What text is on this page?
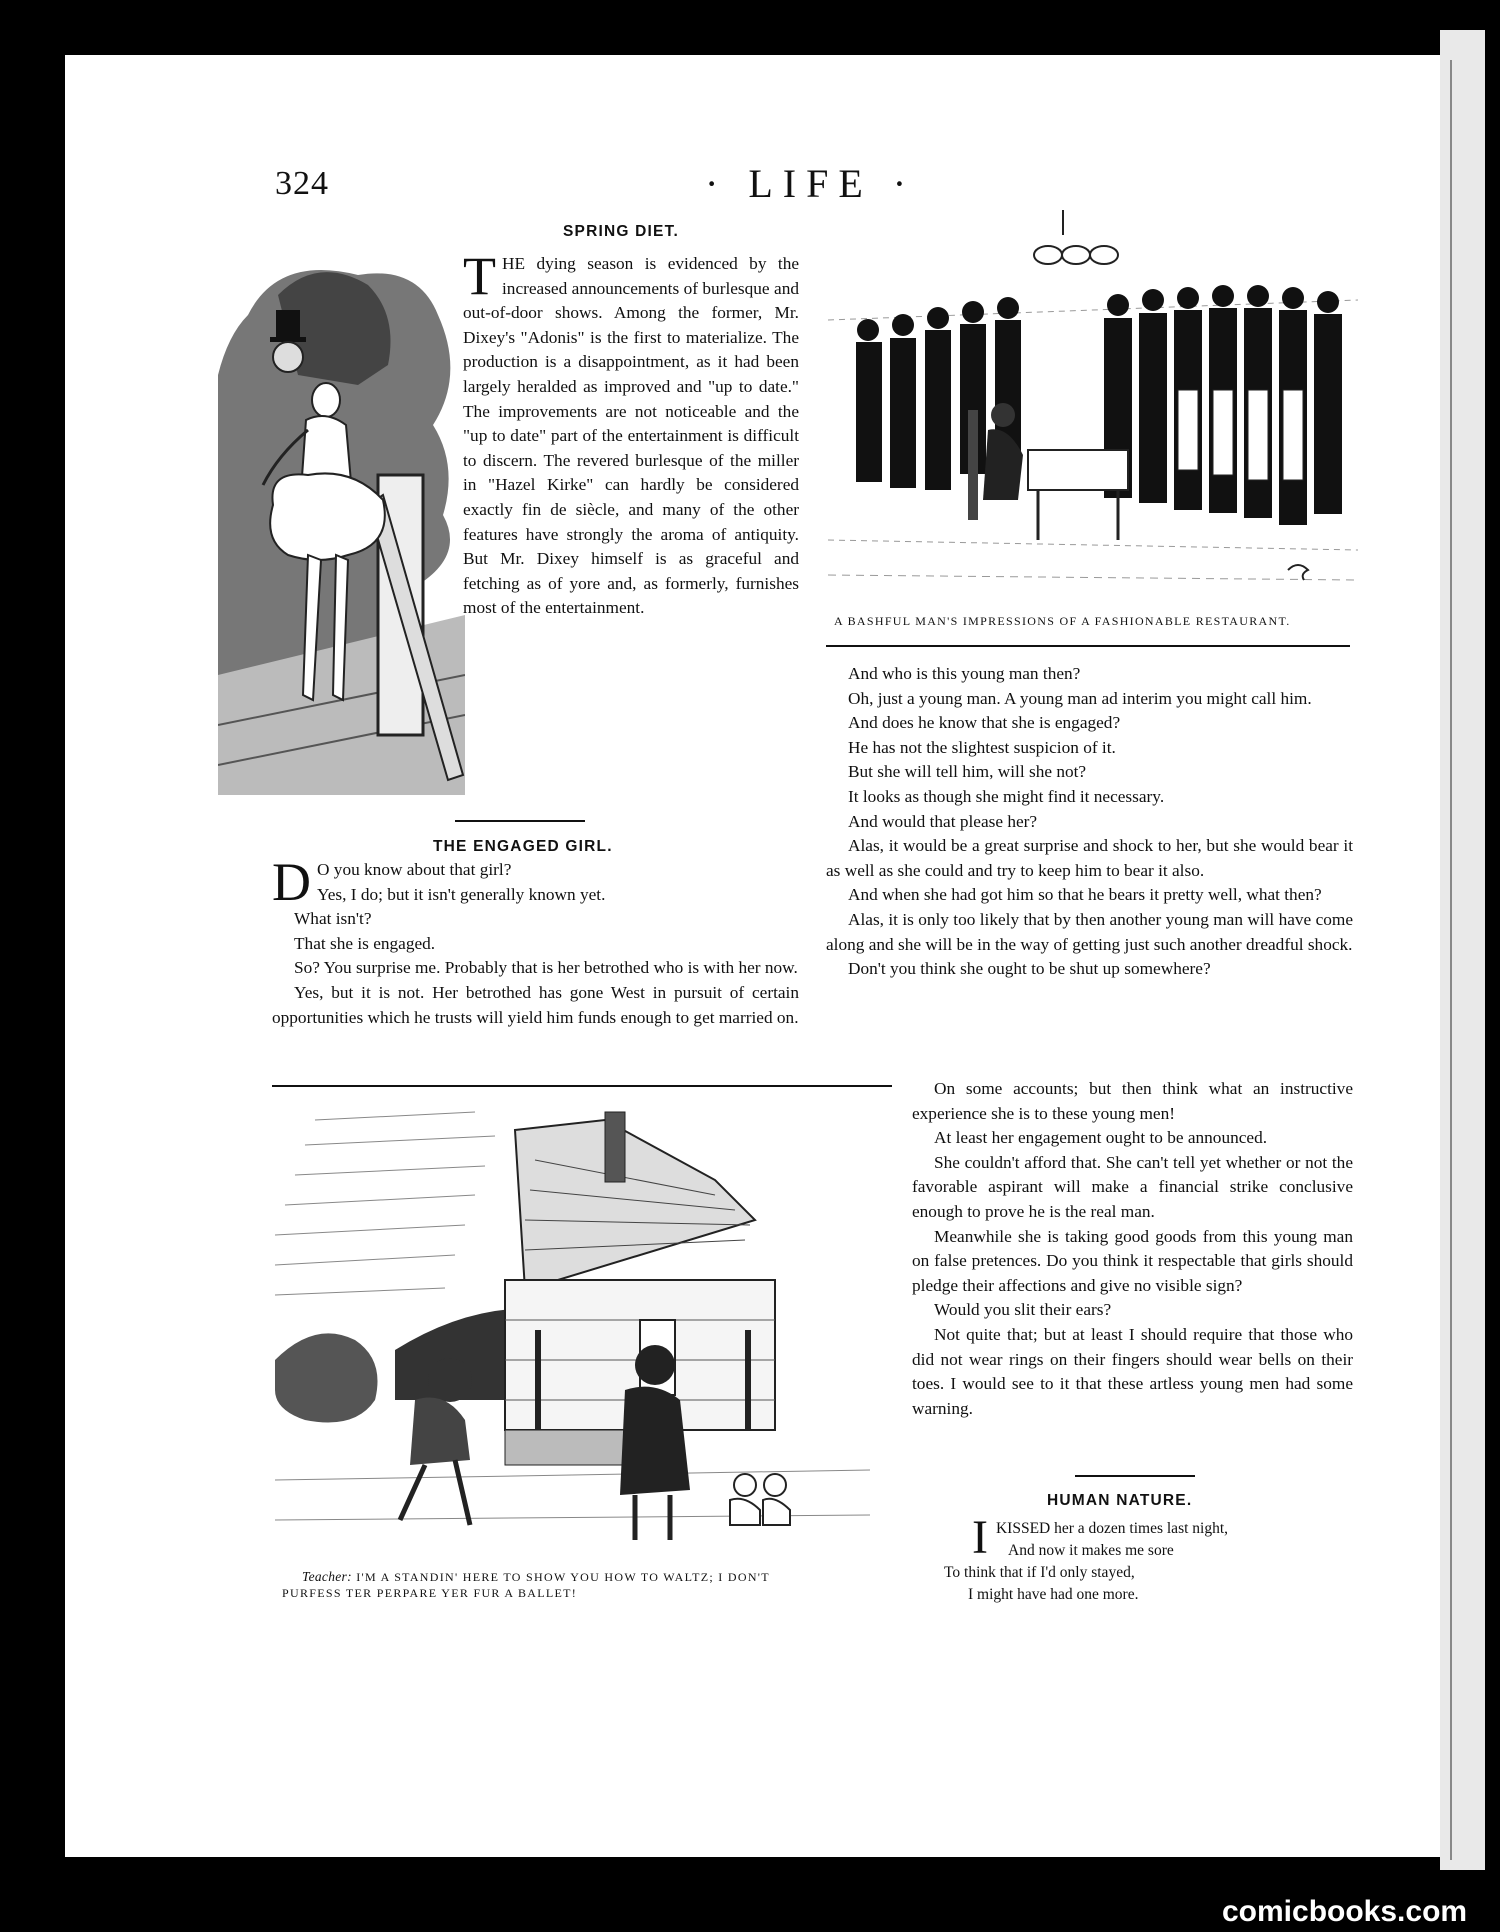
324	· LIFE ·
SPRING DIET.

THE dying season is evidenced by the increased announcements of burlesque and out-of-door shows. Among the former, Mr. Dixey's "Adonis" is the first to materialize. The production is a disappointment, as it had been largely heralded as improved and "up to date." The improvements are not noticeable and the "up to date" part of the entertainment is difficult to discern. The revered burlesque of the miller in "Hazel Kirke" can hardly be considered exactly fin de siècle, and many of the other features have strongly the aroma of antiquity. But Mr. Dixey himself is as graceful and fetching as of yore and, as formerly, furnishes most of the entertainment.

THE ENGAGED GIRL.

D O you know about that girl?

Yes, I do; but it isn't generally known yet.

What isn't?

That she is engaged.

So? You surprise me. Probably that is her betrothed who is with her now.

Yes, but it is not. Her betrothed has gone West in pursuit of certain opportunities which he trusts will yield him funds enough to get married on.

A BASHFUL MAN'S IMPRESSIONS OF A FASHIONABLE RESTAURANT.

And who is this young man then?

Oh, just a young man. A young man ad interim you might call him.

And does he know that she is engaged?

He has not the slightest suspicion of it.

But she will tell him, will she not?

It looks as though she might find it necessary.

And would that please her?

Alas, it would be a great surprise and shock to her, but she would bear it as well as she could and try to keep him to bear it also.

And when she had got him so that he bears it pretty well, what then?

Alas, it is only too likely that by then another young man will have come along and she will be in the way of getting just such another dreadful shock.

Don't you think she ought to be shut up somewhere?

Teacher: I'M A STANDIN' HERE TO SHOW YOU HOW TO WALTZ; I DON'T
PURFESS TER PERPARE YER FUR A BALLET!

On some accounts; but then think what an instructive experience she is to these young men!

At least her engagement ought to be announced.

She couldn't afford that. She can't tell yet whether or not the favorable aspirant will make a financial strike conclusive enough to prove he is the real man.

Meanwhile she is taking good goods from this young man on false pretences. Do you think it respectable that girls should pledge their affections and give no visible sign?

Would you slit their ears?

Not quite that; but at least I should require that those who did not wear rings on their fingers should wear bells on their toes. I would see to it that these artless young men had some warning.

HUMAN NATURE.
I KISSED her a dozen times last night,
And now it makes me sore
To think that if I'd only stayed,
I might have had one more.
comicbooks.com
